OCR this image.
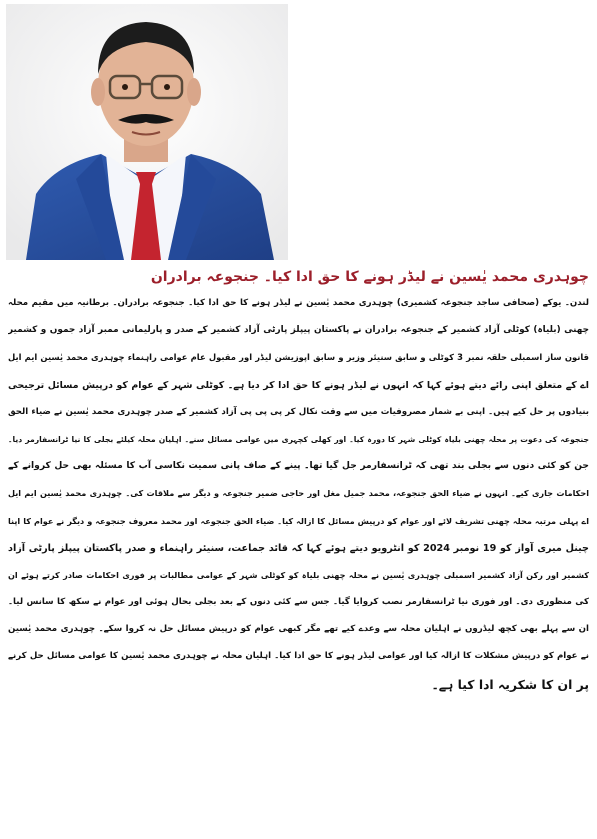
چوہدری محمد یٰسین نے لیڈر ہونے کا حق ادا کیا۔ جنجوعہ برادران
لندن۔ یوکے (صحافی ساجد جنجوعہ کشمیری) چوہدری محمد یٰسین نے لیڈر ہونے کا حق ادا کیا۔ جنجوعہ برادران۔ برطانیہ میں مقیم محلہ
چھنی (بلیاہ) کوٹلی آزاد کشمیر کے جنجوعہ برادران نے پاکستان پیپلز پارٹی آزاد کشمیر کے صدر و پارلیمانی ممبر آزاد جموں و کشمیر
قانون ساز اسمبلی حلقہ نمبر 3 کوٹلی و سابق سنیئر وزیر و سابق اپوزیشن لیڈر اور مقبول عام عوامی راہنماء چوہدری محمد یٰسین ایم ایل
اے کے متعلق اپنی رائے دیتے ہوئے کہا کہ انہوں نے لیڈر ہونے کا حق ادا کر دیا ہے۔ کوٹلی شہر کے عوام کو درپیش مسائل ترجیحی
بنیادوں پر حل کیے ہیں۔ اپنی بے شمار مصروفیات میں سے وقت نکال کر پی پی پی آزاد کشمیر کے صدر چوہدری محمد یٰسین نے ضیاء الحق
جنجوعہ کی دعوت پر محلہ چھنی بلیاہ کوٹلی شہر کا دورہ کیا۔ اور کھلی کچہری میں عوامی مسائل سنے۔ اہلیان محلہ کیلئے بجلی کا نیا ٹرانسفارمر دیا۔
جن کو کئی دنوں سے بجلی بند تھی کہ ٹرانسفارمر جل گیا تھا۔ پینے کے صاف پانی سمیت نکاسی آب کا مسئلہ بھی حل کروانے کے
احکامات جاری کیے۔ انہوں نے ضیاء الحق جنجوعہ، محمد جمیل مغل اور حاجی ضمیر جنجوعہ و دیگر سے ملاقات کی۔ چوہدری محمد یٰسین ایم ایل
اے پہلی مرتبہ محلہ چھنی تشریف لائے اور عوام کو درپیش مسائل کا ازالہ کیا۔ ضیاء الحق جنجوعہ اور محمد معروف جنجوعہ و دیگر نے عوام کا اپنا
چینل میری آواز کو 19 نومبر 2024 کو انٹرویو دیتے ہوئے کہا کہ قائد جماعت، سنیئر راہنماء و صدر پاکستان پیپلز پارٹی آزاد
کشمیر اور رکن آزاد کشمیر اسمبلی چوہدری یٰسین نے محلہ چھنی بلیاہ کو کوٹلی شہر کے عوامی مطالبات پر فوری احکامات صادر کرتے ہوئے ان
کی منظوری دی۔ اور فوری نیا ٹرانسفارمر نصب کروایا گیا۔ جس سے کئی دنوں کے بعد بجلی بحال ہوئی اور عوام نے سکھ کا سانس لیا۔
ان سے پہلے بھی کچھ لیڈروں نے اہلیان محلہ سے وعدے کیے تھے مگر کبھی عوام کو درپیش مسائل حل نہ کروا سکے۔ چوہدری محمد یٰسین
نے عوام کو درپیش مشکلات کا ازالہ کیا اور عوامی لیڈر ہونے کا حق ادا کیا۔ اہلیان محلہ نے چوہدری محمد یٰسین کا عوامی مسائل حل کرنے
پر ان کا شکریہ ادا کیا ہے۔
